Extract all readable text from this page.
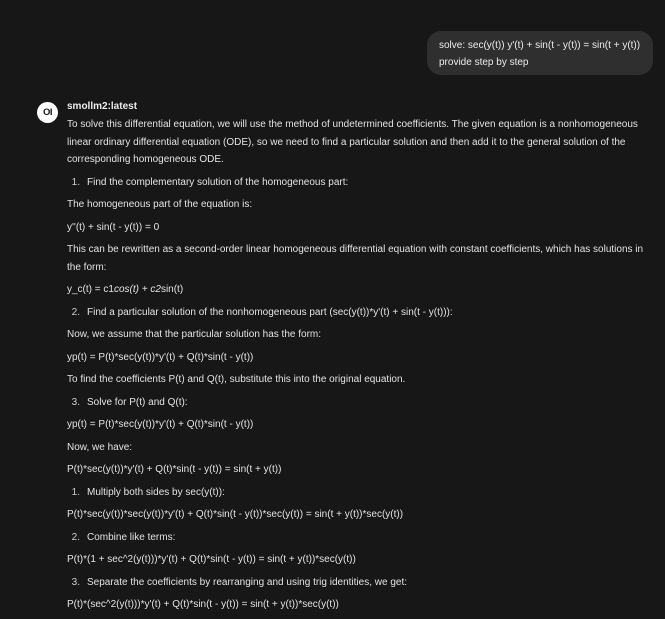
solve: sec(y(t)) y'(t) + sin(t - y(t)) = sin(t + y(t))
provide step by step
OI
smollm2:latest

To solve this differential equation, we will use the method of undetermined coefficients. The given equation is a nonhomogeneous linear ordinary differential equation (ODE), so we need to find a particular solution and then add it to the general solution of the corresponding homogeneous ODE.

1. Find the complementary solution of the homogeneous part:
The homogeneous part of the equation is:
y''(t) + sin(t - y(t)) = 0
This can be rewritten as a second-order linear homogeneous differential equation with constant coefficients, which has solutions in the form:
y_c(t) = c1cos(t) + c2sin(t)
2. Find a particular solution of the nonhomogeneous part (sec(y(t))*y'(t) + sin(t - y(t))):
Now, we assume that the particular solution has the form:
yp(t) = P(t)*sec(y(t))*y'(t) + Q(t)*sin(t - y(t))
To find the coefficients P(t) and Q(t), substitute this into the original equation.
3. Solve for P(t) and Q(t):
yp(t) = P(t)*sec(y(t))*y'(t) + Q(t)*sin(t - y(t))
Now, we have:
P(t)*sec(y(t))*y'(t) + Q(t)*sin(t - y(t)) = sin(t + y(t))
1. Multiply both sides by sec(y(t)):
P(t)*sec(y(t))*sec(y(t))*y'(t) + Q(t)*sin(t - y(t))*sec(y(t)) = sin(t + y(t))*sec(y(t))
2. Combine like terms:
P(t)*(1 + sec^2(y(t)))*y'(t) + Q(t)*sin(t - y(t)) = sin(t + y(t))*sec(y(t))
3. Separate the coefficients by rearranging and using trig identities, we get:
P(t)*(sec^2(y(t)))*y'(t) + Q(t)*sin(t - y(t)) = sin(t + y(t))*sec(y(t))
